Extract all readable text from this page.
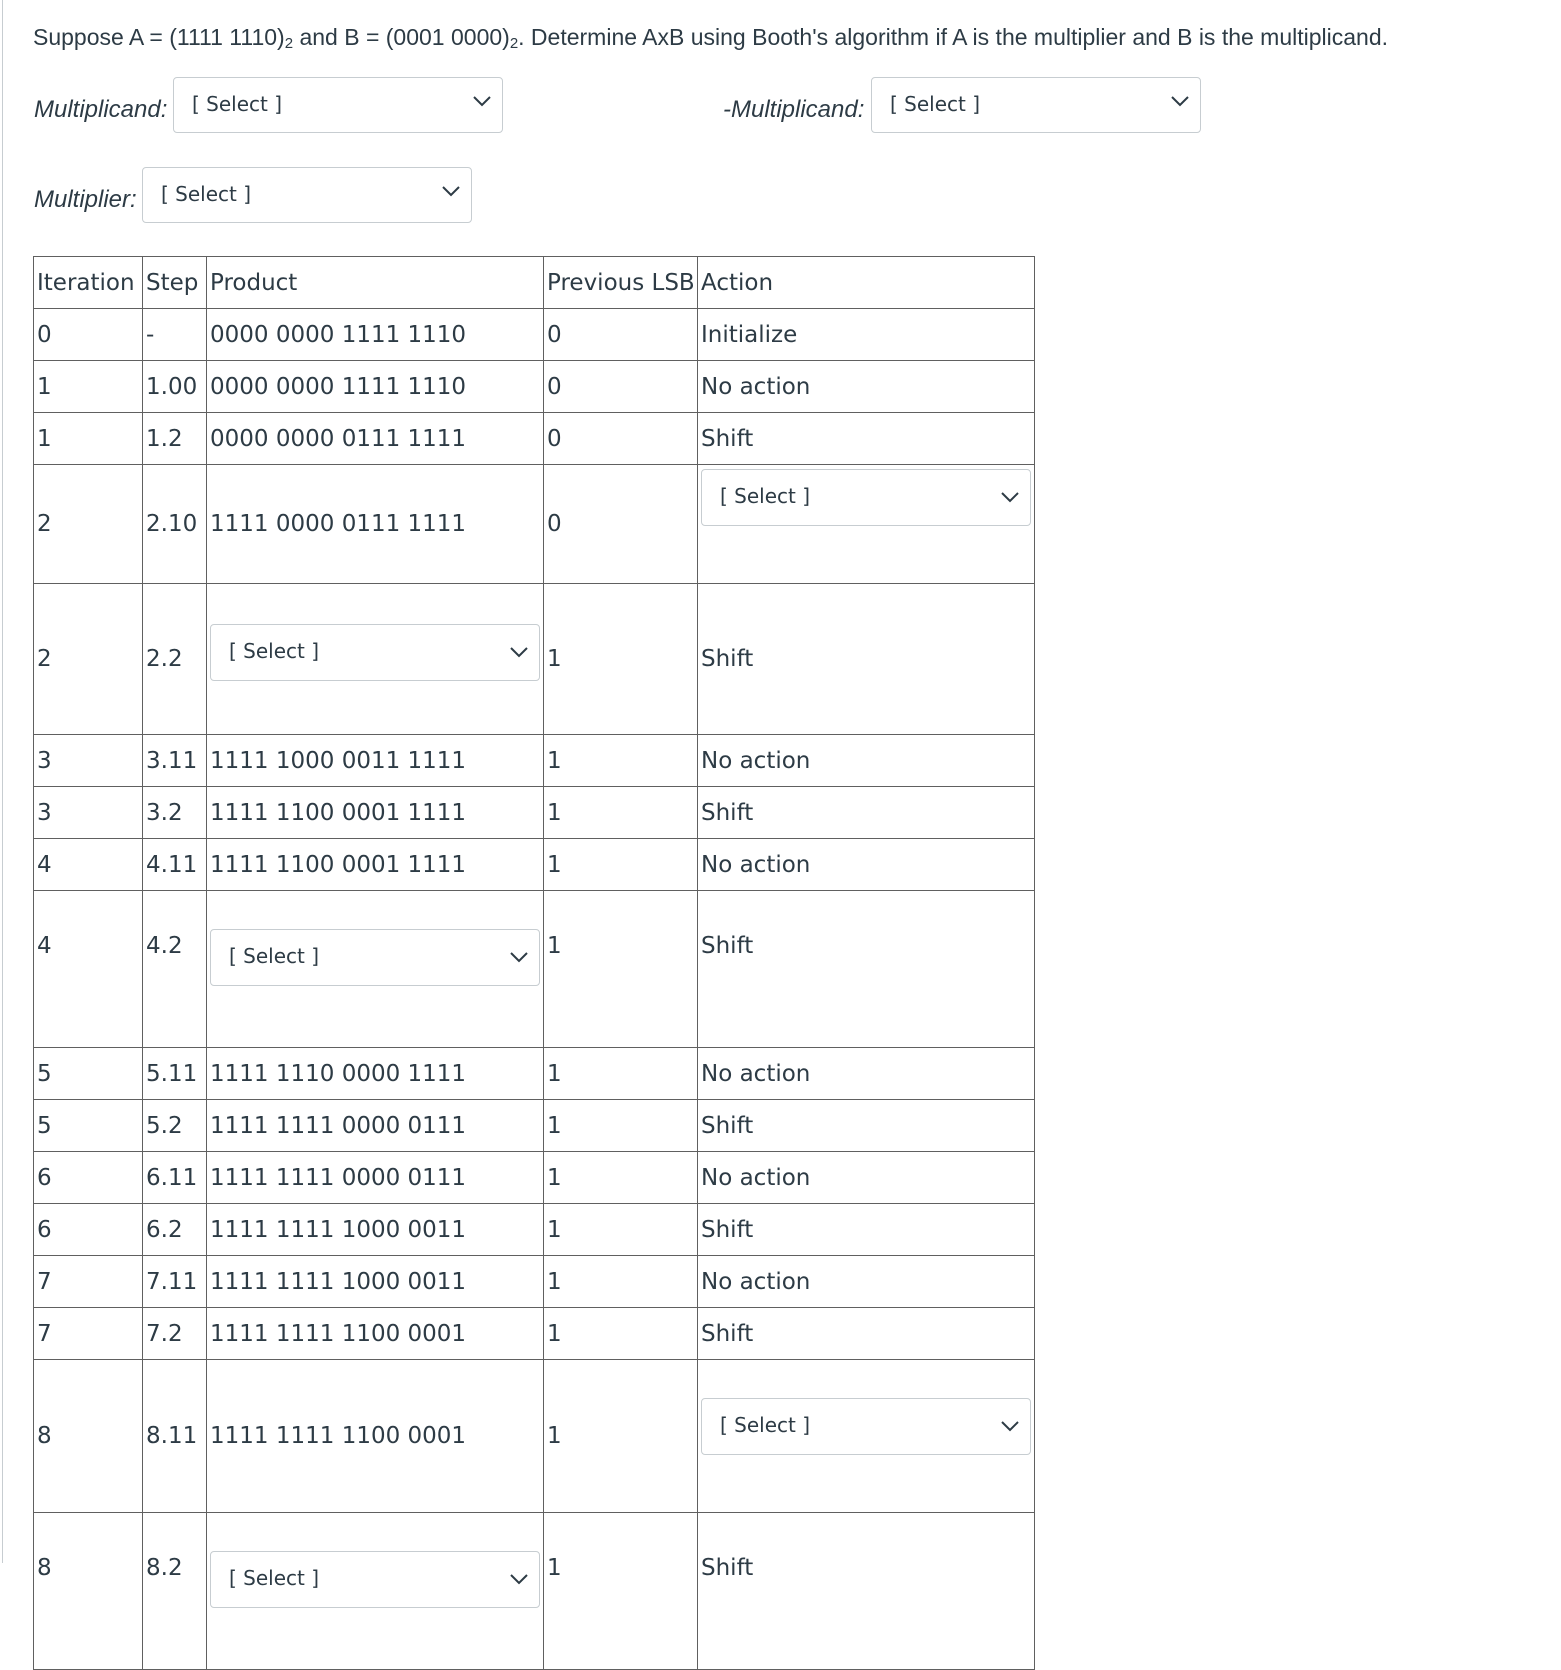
Suppose A = (1111 $1110)_2$ and B = (0001 $0000)_2$. Determine AxB using Booth's algorithm if A is the multiplier and B is the multiplicand.
Multiplicand: [ Select ]	-Multiplicand: [ Select ]
Multiplier: [ Select ]
Iteration	Step	Product	Previous LSB	Action
0	-	0000 0000 1111 1110	0	Initialize
1	1.00	0000 0000 1111 1110	0	No action
1	1.2	0000 0000 0111 1111	0	Shift
2	2.10	1111 0000 0111 1111	0	[ Select ]

2	2.2	[ Select ]	1	Shift
3	3.11	1111 1000 0011 1111	1	No action
3	3.2	1111 1100 0001 1111	1	Shift
4	4.11	1111 1100 0001 1111	1	No action
4	4.2	[ Select ]	1	Shift
5	5.11	1111 1110 0000 1111	1	No action
5	5.2	1111 1111 0000 0111	1	Shift
6	6.11	1111 1111 0000 0111	1	No action
6	6.2	1111 1111 1000 0011	1	Shift
7	7.11	1111 1111 1000 0011	1	No action
7	7.2	1111 1111 1100 0001	1	Shift
8	8.11	1111 1111 1100 0001	1	[ Select ]

8	8.2	[ Select ]	1	Shift
